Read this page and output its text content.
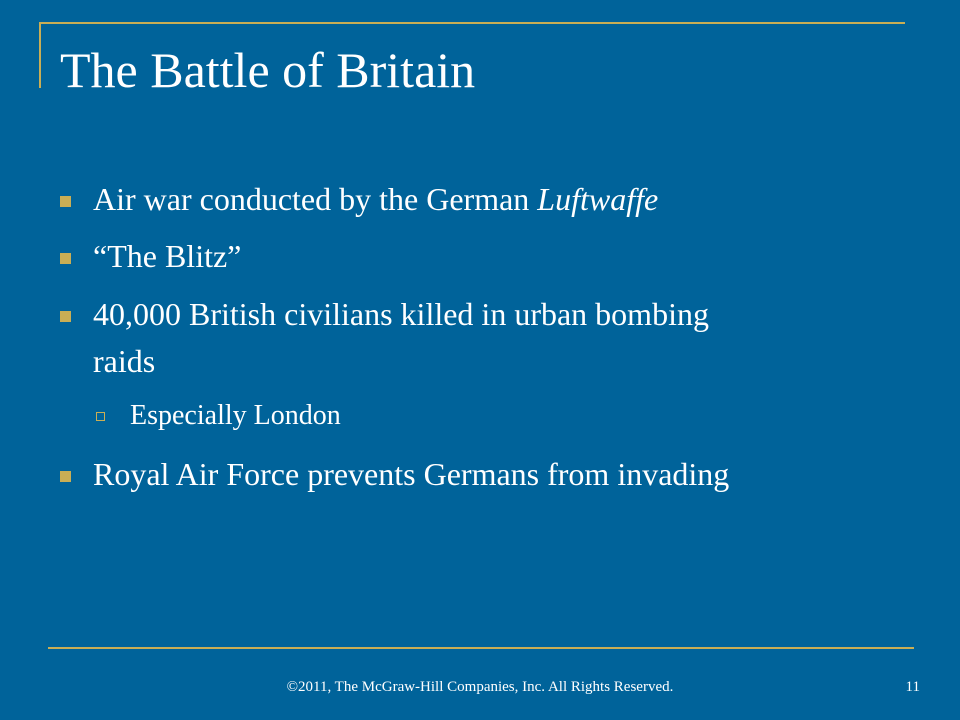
The Battle of Britain
Air war conducted by the German Luftwaffe
“The Blitz”
40,000 British civilians killed in urban bombing
raids
Especially London
Royal Air Force prevents Germans from invading
©2011, The McGraw-Hill Companies, Inc. All Rights Reserved.	11
